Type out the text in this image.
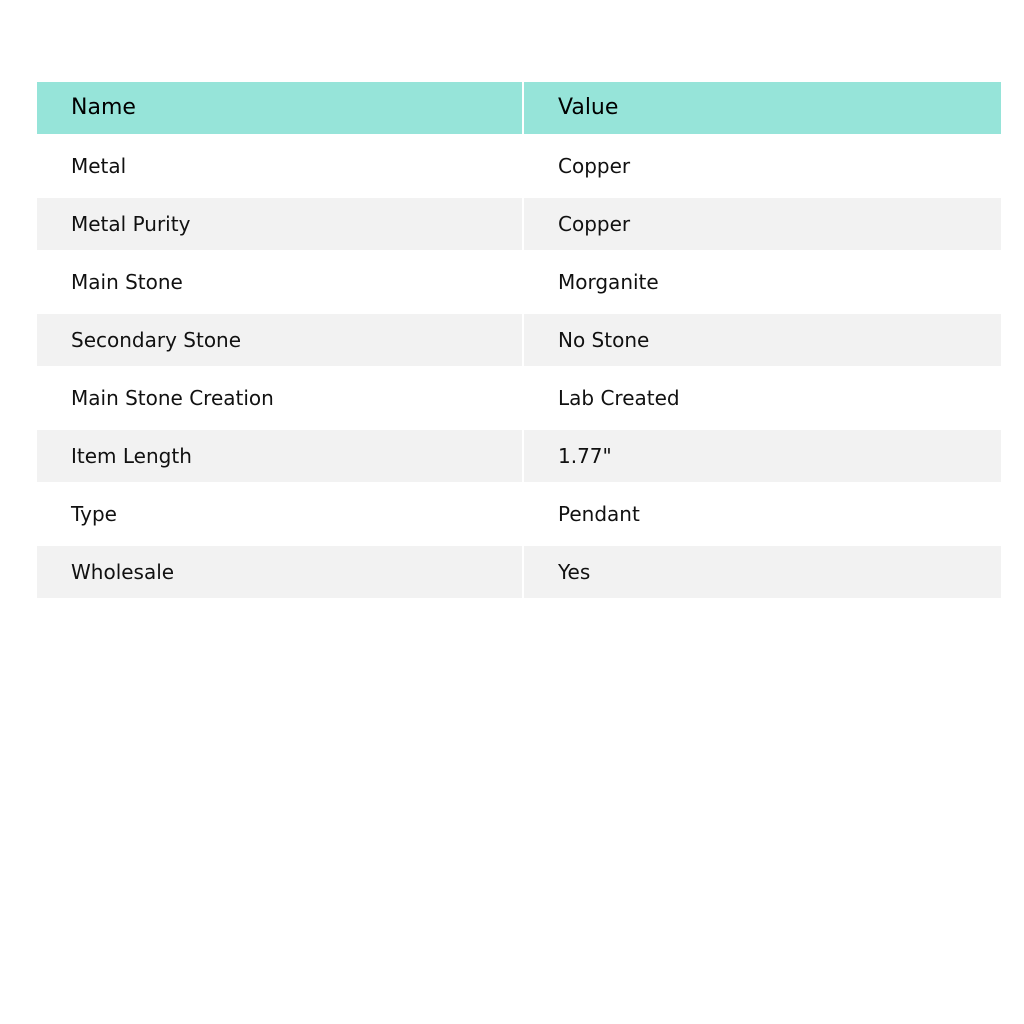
Name	Value
Metal	Copper
Metal Purity	Copper
Main Stone	Morganite
Secondary Stone	No Stone
Main Stone Creation	Lab Created
Item Length	1.77"
Type	Pendant
Wholesale	Yes
